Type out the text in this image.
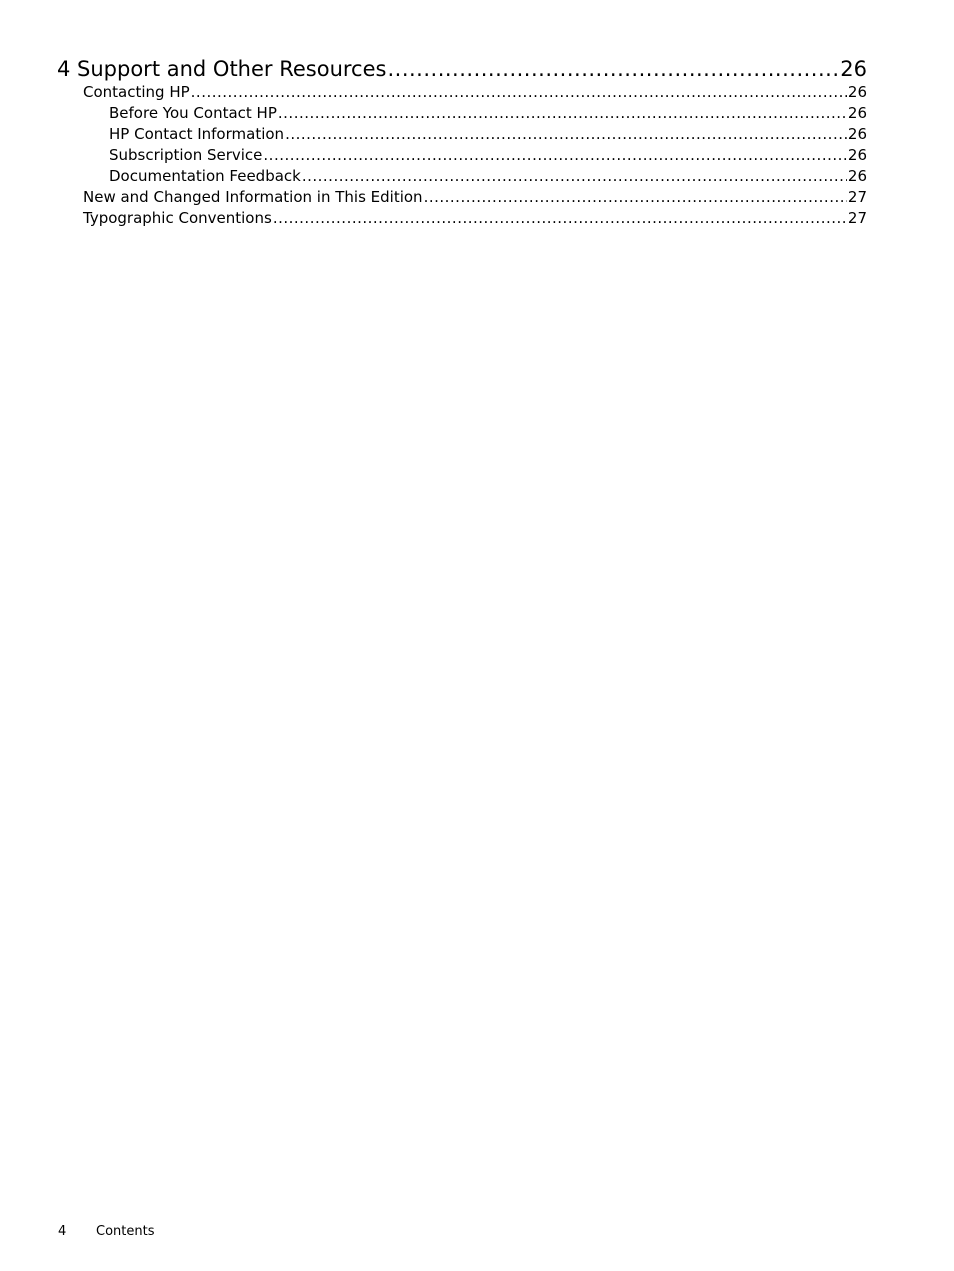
4 Support and Other Resources .....	26
Contacting HP .....	26
Before You Contact HP .....	26
HP Contact Information .....	26
Subscription Service .....	26
Documentation Feedback .....	26
New and Changed Information in This Edition .....	27
Typographic Conventions .....	27
4	Contents
